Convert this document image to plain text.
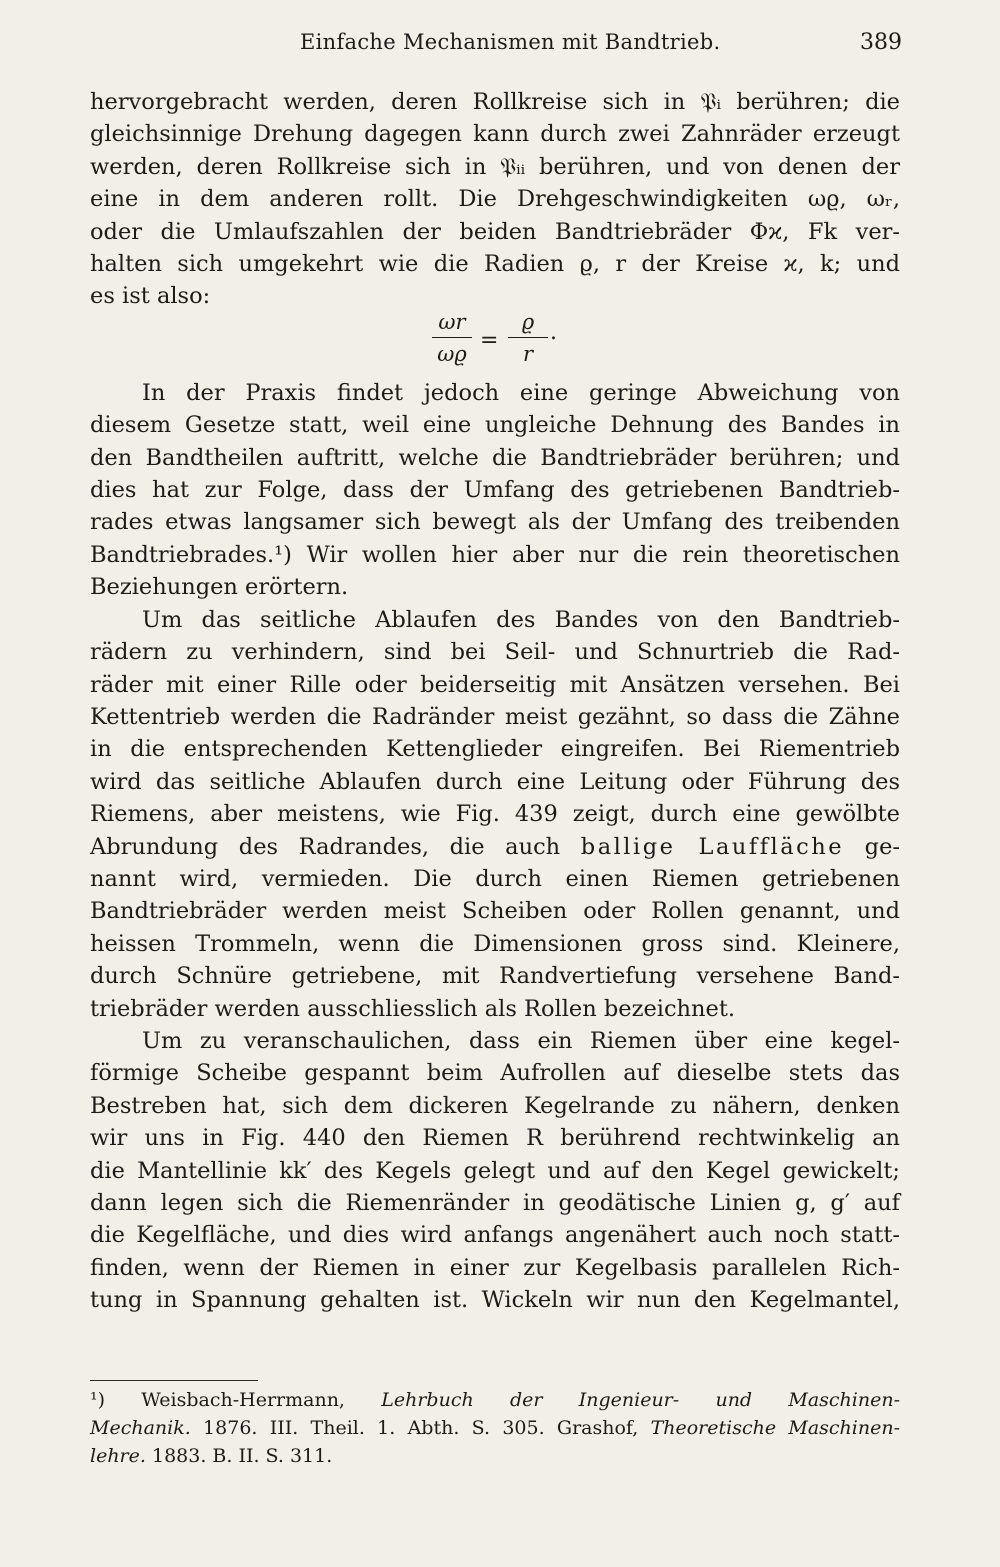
Einfache Mechanismen mit Bandtrieb.	389
hervorgebracht werden, deren Rollkreise sich in 𝔓ᵢ berühren; die
gleichsinnige Drehung dagegen kann durch zwei Zahnräder erzeugt
werden, deren Rollkreise sich in 𝔓ᵢᵢ berühren, und von denen der
eine in dem anderen rollt. Die Drehgeschwindigkeiten ωϱ, ωᵣ,
oder die Umlaufszahlen der beiden Bandtriebräder Φϰ, Fk ver-
halten sich umgekehrt wie die Radien ϱ, r der Kreise ϰ, k; und
es ist also:
ωr
ωϱ
=
ϱ
r
.
In der Praxis findet jedoch eine geringe Abweichung von
diesem Gesetze statt, weil eine ungleiche Dehnung des Bandes in
den Bandtheilen auftritt, welche die Bandtriebräder berühren; und
dies hat zur Folge, dass der Umfang des getriebenen Bandtrieb-
rades etwas langsamer sich bewegt als der Umfang des treibenden
Bandtriebrades.¹) Wir wollen hier aber nur die rein theoretischen
Beziehungen erörtern.
Um das seitliche Ablaufen des Bandes von den Bandtrieb-
rädern zu verhindern, sind bei Seil- und Schnurtrieb die Rad-
räder mit einer Rille oder beiderseitig mit Ansätzen versehen. Bei
Kettentrieb werden die Radränder meist gezähnt, so dass die Zähne
in die entsprechenden Kettenglieder eingreifen. Bei Riementrieb
wird das seitliche Ablaufen durch eine Leitung oder Führung des
Riemens, aber meistens, wie Fig. 439 zeigt, durch eine gewölbte
Abrundung des Radrandes, die auch ballige Lauffläche ge-
nannt wird, vermieden. Die durch einen Riemen getriebenen
Bandtriebräder werden meist Scheiben oder Rollen genannt, und
heissen Trommeln, wenn die Dimensionen gross sind. Kleinere,
durch Schnüre getriebene, mit Randvertiefung versehene Band-
triebräder werden ausschliesslich als Rollen bezeichnet.
Um zu veranschaulichen, dass ein Riemen über eine kegel-
förmige Scheibe gespannt beim Aufrollen auf dieselbe stets das
Bestreben hat, sich dem dickeren Kegelrande zu nähern, denken
wir uns in Fig. 440 den Riemen R berührend rechtwinkelig an
die Mantellinie kk′ des Kegels gelegt und auf den Kegel gewickelt;
dann legen sich die Riemenränder in geodätische Linien g, g′ auf
die Kegelfläche, und dies wird anfangs angenähert auch noch statt-
finden, wenn der Riemen in einer zur Kegelbasis parallelen Rich-
tung in Spannung gehalten ist. Wickeln wir nun den Kegelmantel,
¹) Weisbach-Herrmann, Lehrbuch der Ingenieur- und Maschinen-
Mechanik. 1876. III. Theil. 1. Abth. S. 305. Grashof, Theoretische Maschinen-
lehre. 1883. B. II. S. 311.
